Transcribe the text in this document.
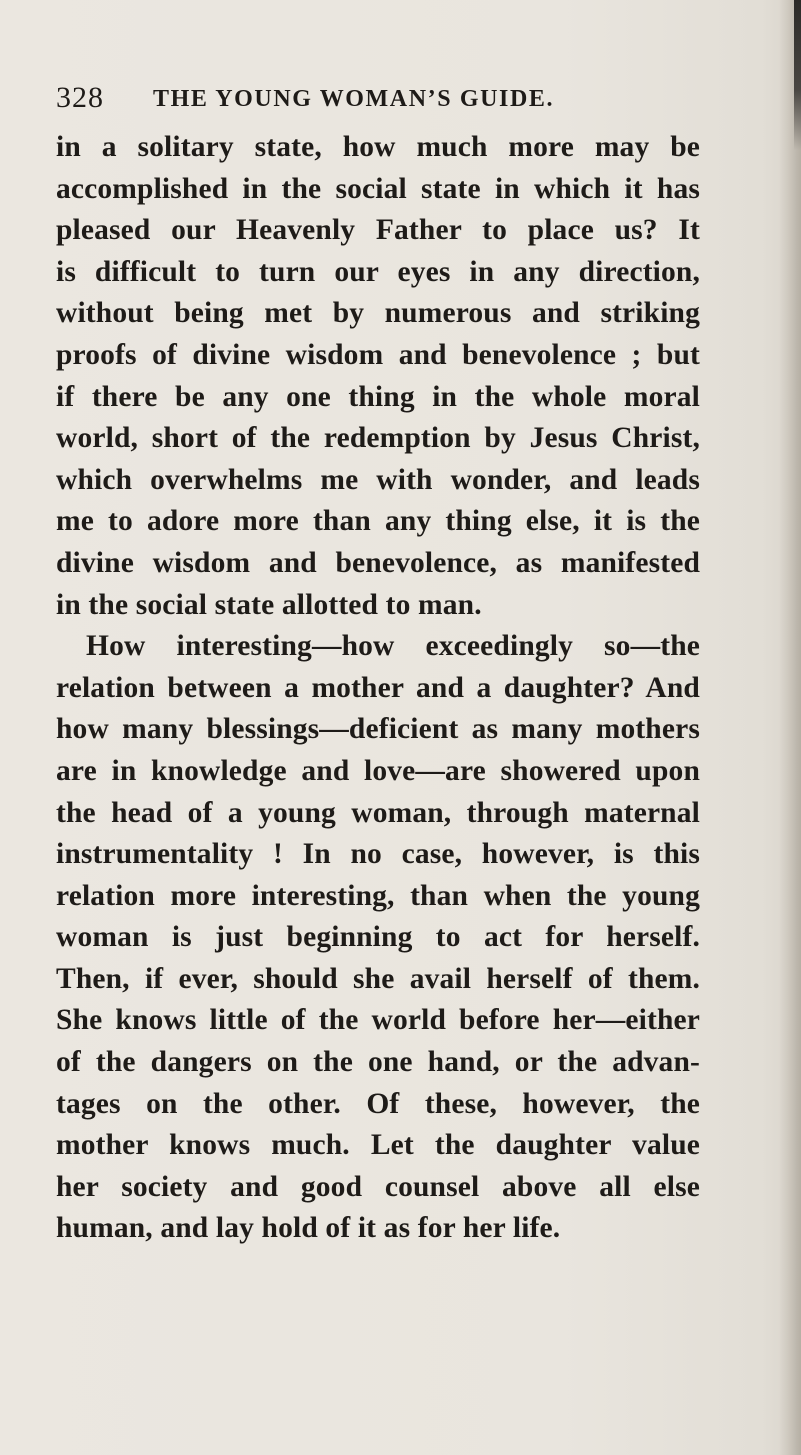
328 THE YOUNG WOMAN’S GUIDE.
in a solitary state, how much more may be
accomplished in the social state in which it has
pleased our Heavenly Father to place us? It
is difficult to turn our eyes in any direction,
without being met by numerous and striking
proofs of divine wisdom and benevolence ; but
if there be any one thing in the whole moral
world, short of the redemption by Jesus Christ,
which overwhelms me with wonder, and leads
me to adore more than any thing else, it is the
divine wisdom and benevolence, as manifested
in the social state allotted to man.
How interesting—how exceedingly so—the
relation between a mother and a daughter? And
how many blessings—deficient as many mothers
are in knowledge and love—are showered upon
the head of a young woman, through maternal
instrumentality ! In no case, however, is this
relation more interesting, than when the young
woman is just beginning to act for herself.
Then, if ever, should she avail herself of them.
She knows little of the world before her—either
of the dangers on the one hand, or the advan-
tages on the other. Of these, however, the
mother knows much. Let the daughter value
her society and good counsel above all else
human, and lay hold of it as for her life.
